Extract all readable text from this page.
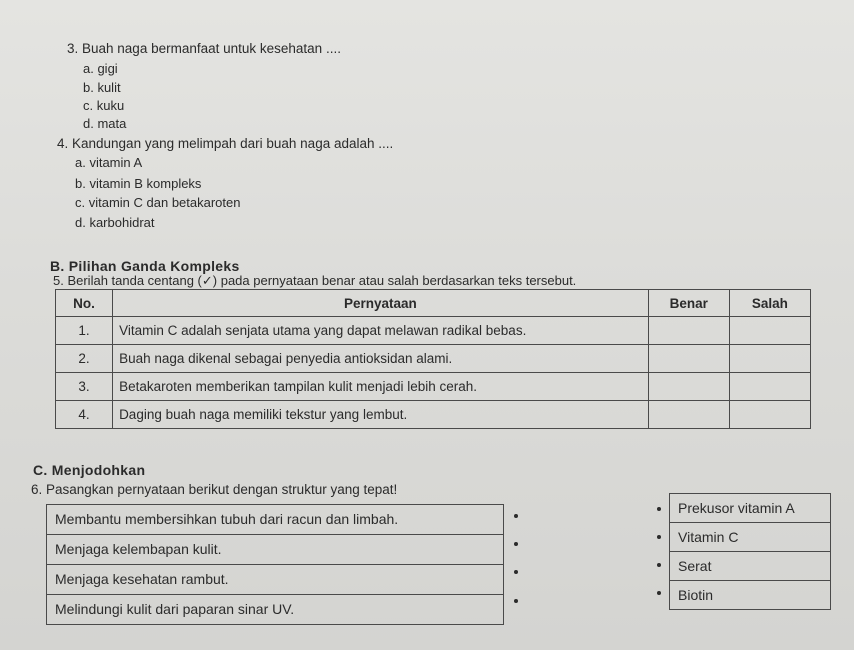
3. Buah naga bermanfaat untuk kesehatan ....
a. gigi
b. kulit
c. kuku
d. mata
4. Kandungan yang melimpah dari buah naga adalah ....
a. vitamin A
b. vitamin B kompleks
c. vitamin C dan betakaroten
d. karbohidrat
B. Pilihan Ganda Kompleks
5. Berilah tanda centang (✓) pada pernyataan benar atau salah berdasarkan teks tersebut.
No.	Pernyataan	Benar	Salah
1.	Vitamin C adalah senjata utama yang dapat melawan radikal bebas.		
2.	Buah naga dikenal sebagai penyedia antioksidan alami.		
3.	Betakaroten memberikan tampilan kulit menjadi lebih cerah.		
4.	Daging buah naga memiliki tekstur yang lembut.		
C. Menjodohkan
6. Pasangkan pernyataan berikut dengan struktur yang tepat!
Membantu membersihkan tubuh dari racun dan limbah.
Menjaga kelembapan kulit.
Menjaga kesehatan rambut.
Melindungi kulit dari paparan sinar UV.
Prekusor vitamin A
Vitamin C
Serat
Biotin
